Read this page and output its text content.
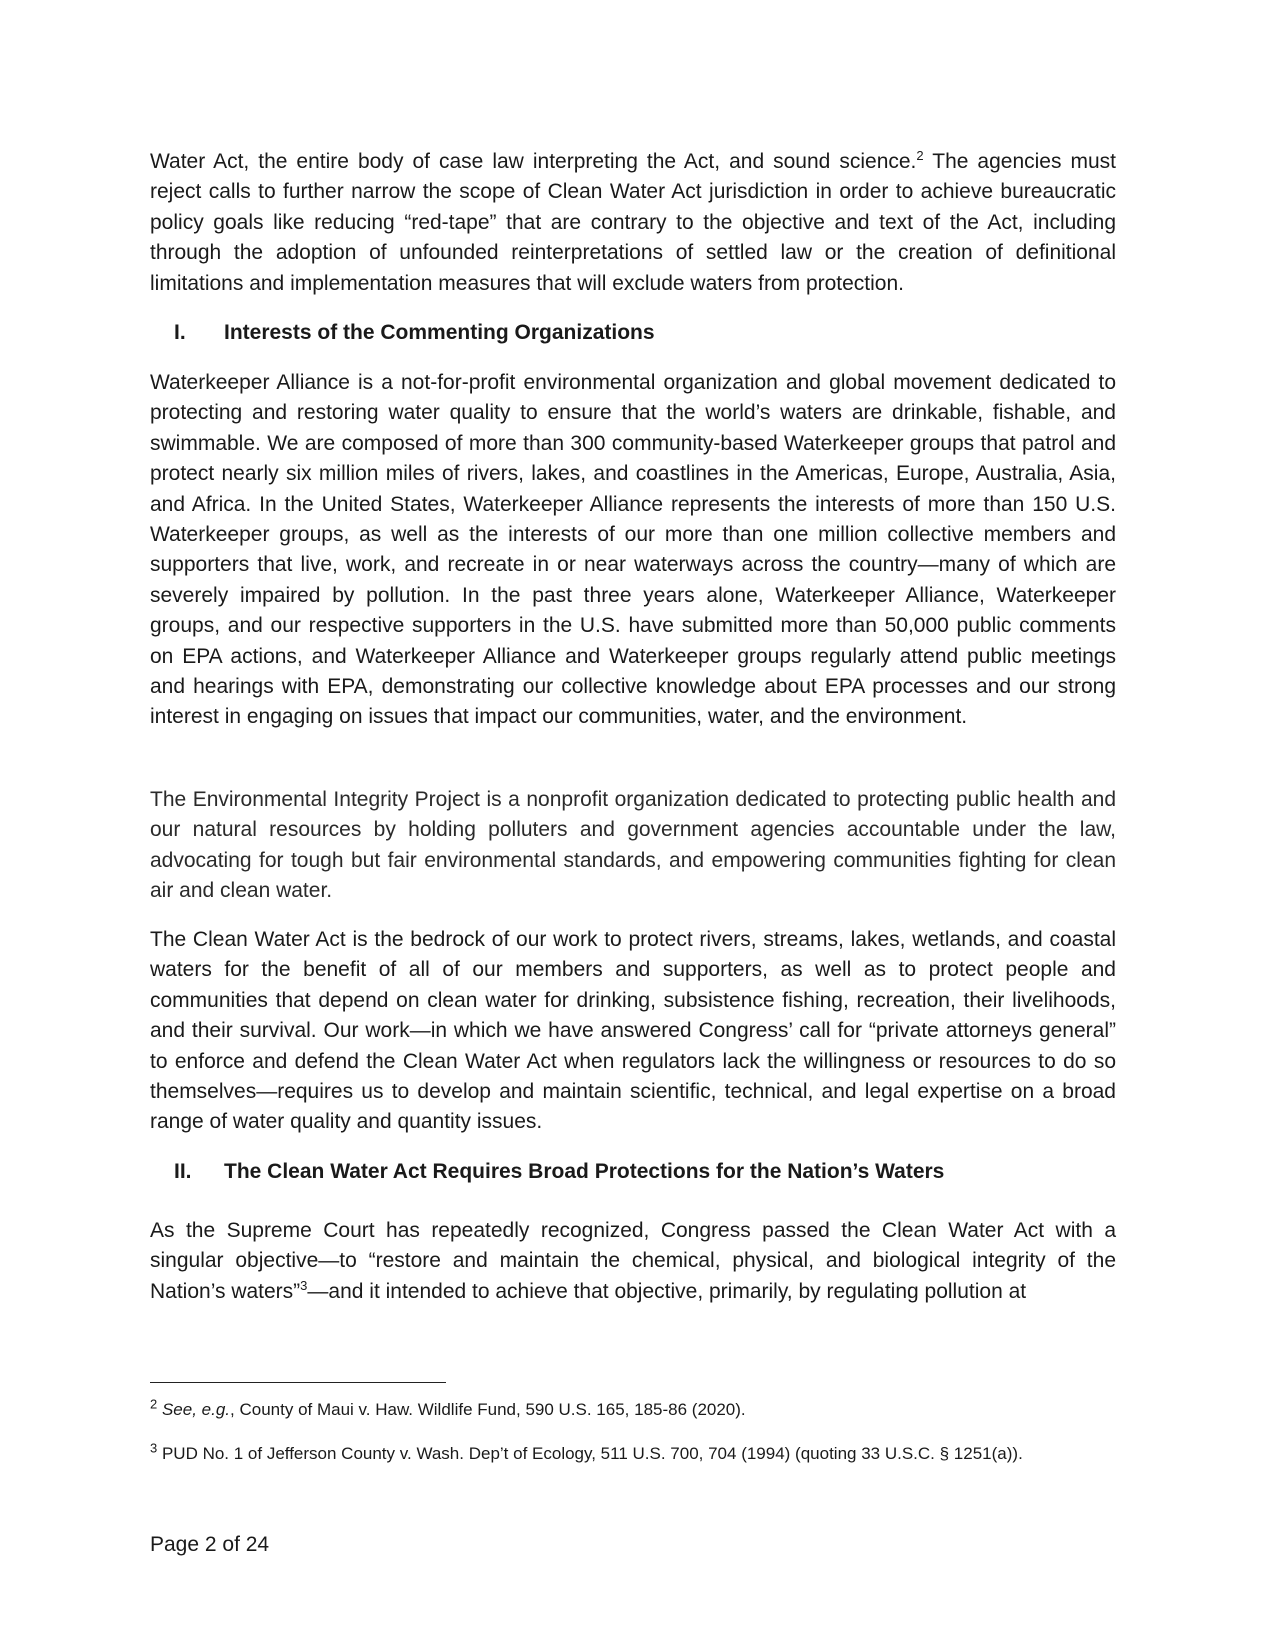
Water Act, the entire body of case law interpreting the Act, and sound science.$^2$ The agencies must reject calls to further narrow the scope of Clean Water Act jurisdiction in order to achieve bureaucratic policy goals like reducing “red-tape” that are contrary to the objective and text of the Act, including through the adoption of unfounded reinterpretations of settled law or the creation of definitional limitations and implementation measures that will exclude waters from protection.

I. Interests of the Commenting Organizations

Waterkeeper Alliance is a not-for-profit environmental organization and global movement dedicated to protecting and restoring water quality to ensure that the world’s waters are drinkable, fishable, and swimmable. We are composed of more than 300 community-based Waterkeeper groups that patrol and protect nearly six million miles of rivers, lakes, and coastlines in the Americas, Europe, Australia, Asia, and Africa. In the United States, Waterkeeper Alliance represents the interests of more than 150 U.S. Waterkeeper groups, as well as the interests of our more than one million collective members and supporters that live, work, and recreate in or near waterways across the country—many of which are severely impaired by pollution. In the past three years alone, Waterkeeper Alliance, Waterkeeper groups, and our respective supporters in the U.S. have submitted more than 50,000 public comments on EPA actions, and Waterkeeper Alliance and Waterkeeper groups regularly attend public meetings and hearings with EPA, demonstrating our collective knowledge about EPA processes and our strong interest in engaging on issues that impact our communities, water, and the environment.

The Environmental Integrity Project is a nonprofit organization dedicated to protecting public health and our natural resources by holding polluters and government agencies accountable under the law, advocating for tough but fair environmental standards, and empowering communities fighting for clean air and clean water.

The Clean Water Act is the bedrock of our work to protect rivers, streams, lakes, wetlands, and coastal waters for the benefit of all of our members and supporters, as well as to protect people and communities that depend on clean water for drinking, subsistence fishing, recreation, their livelihoods, and their survival. Our work—in which we have answered Congress’ call for “private attorneys general” to enforce and defend the Clean Water Act when regulators lack the willingness or resources to do so themselves—requires us to develop and maintain scientific, technical, and legal expertise on a broad range of water quality and quantity issues.

II. The Clean Water Act Requires Broad Protections for the Nation’s Waters

As the Supreme Court has repeatedly recognized, Congress passed the Clean Water Act with a singular objective—to “restore and maintain the chemical, physical, and biological integrity of the Nation’s waters”$^3$—and it intended to achieve that objective, primarily, by regulating pollution at

$^2$ See, e.g., County of Maui v. Haw. Wildlife Fund, 590 U.S. 165, 185-86 (2020).

$^3$ PUD No. 1 of Jefferson County v. Wash. Dep’t of Ecology, 511 U.S. 700, 704 (1994) (quoting 33 U.S.C. § 1251(a)).

Page 2 of 24
